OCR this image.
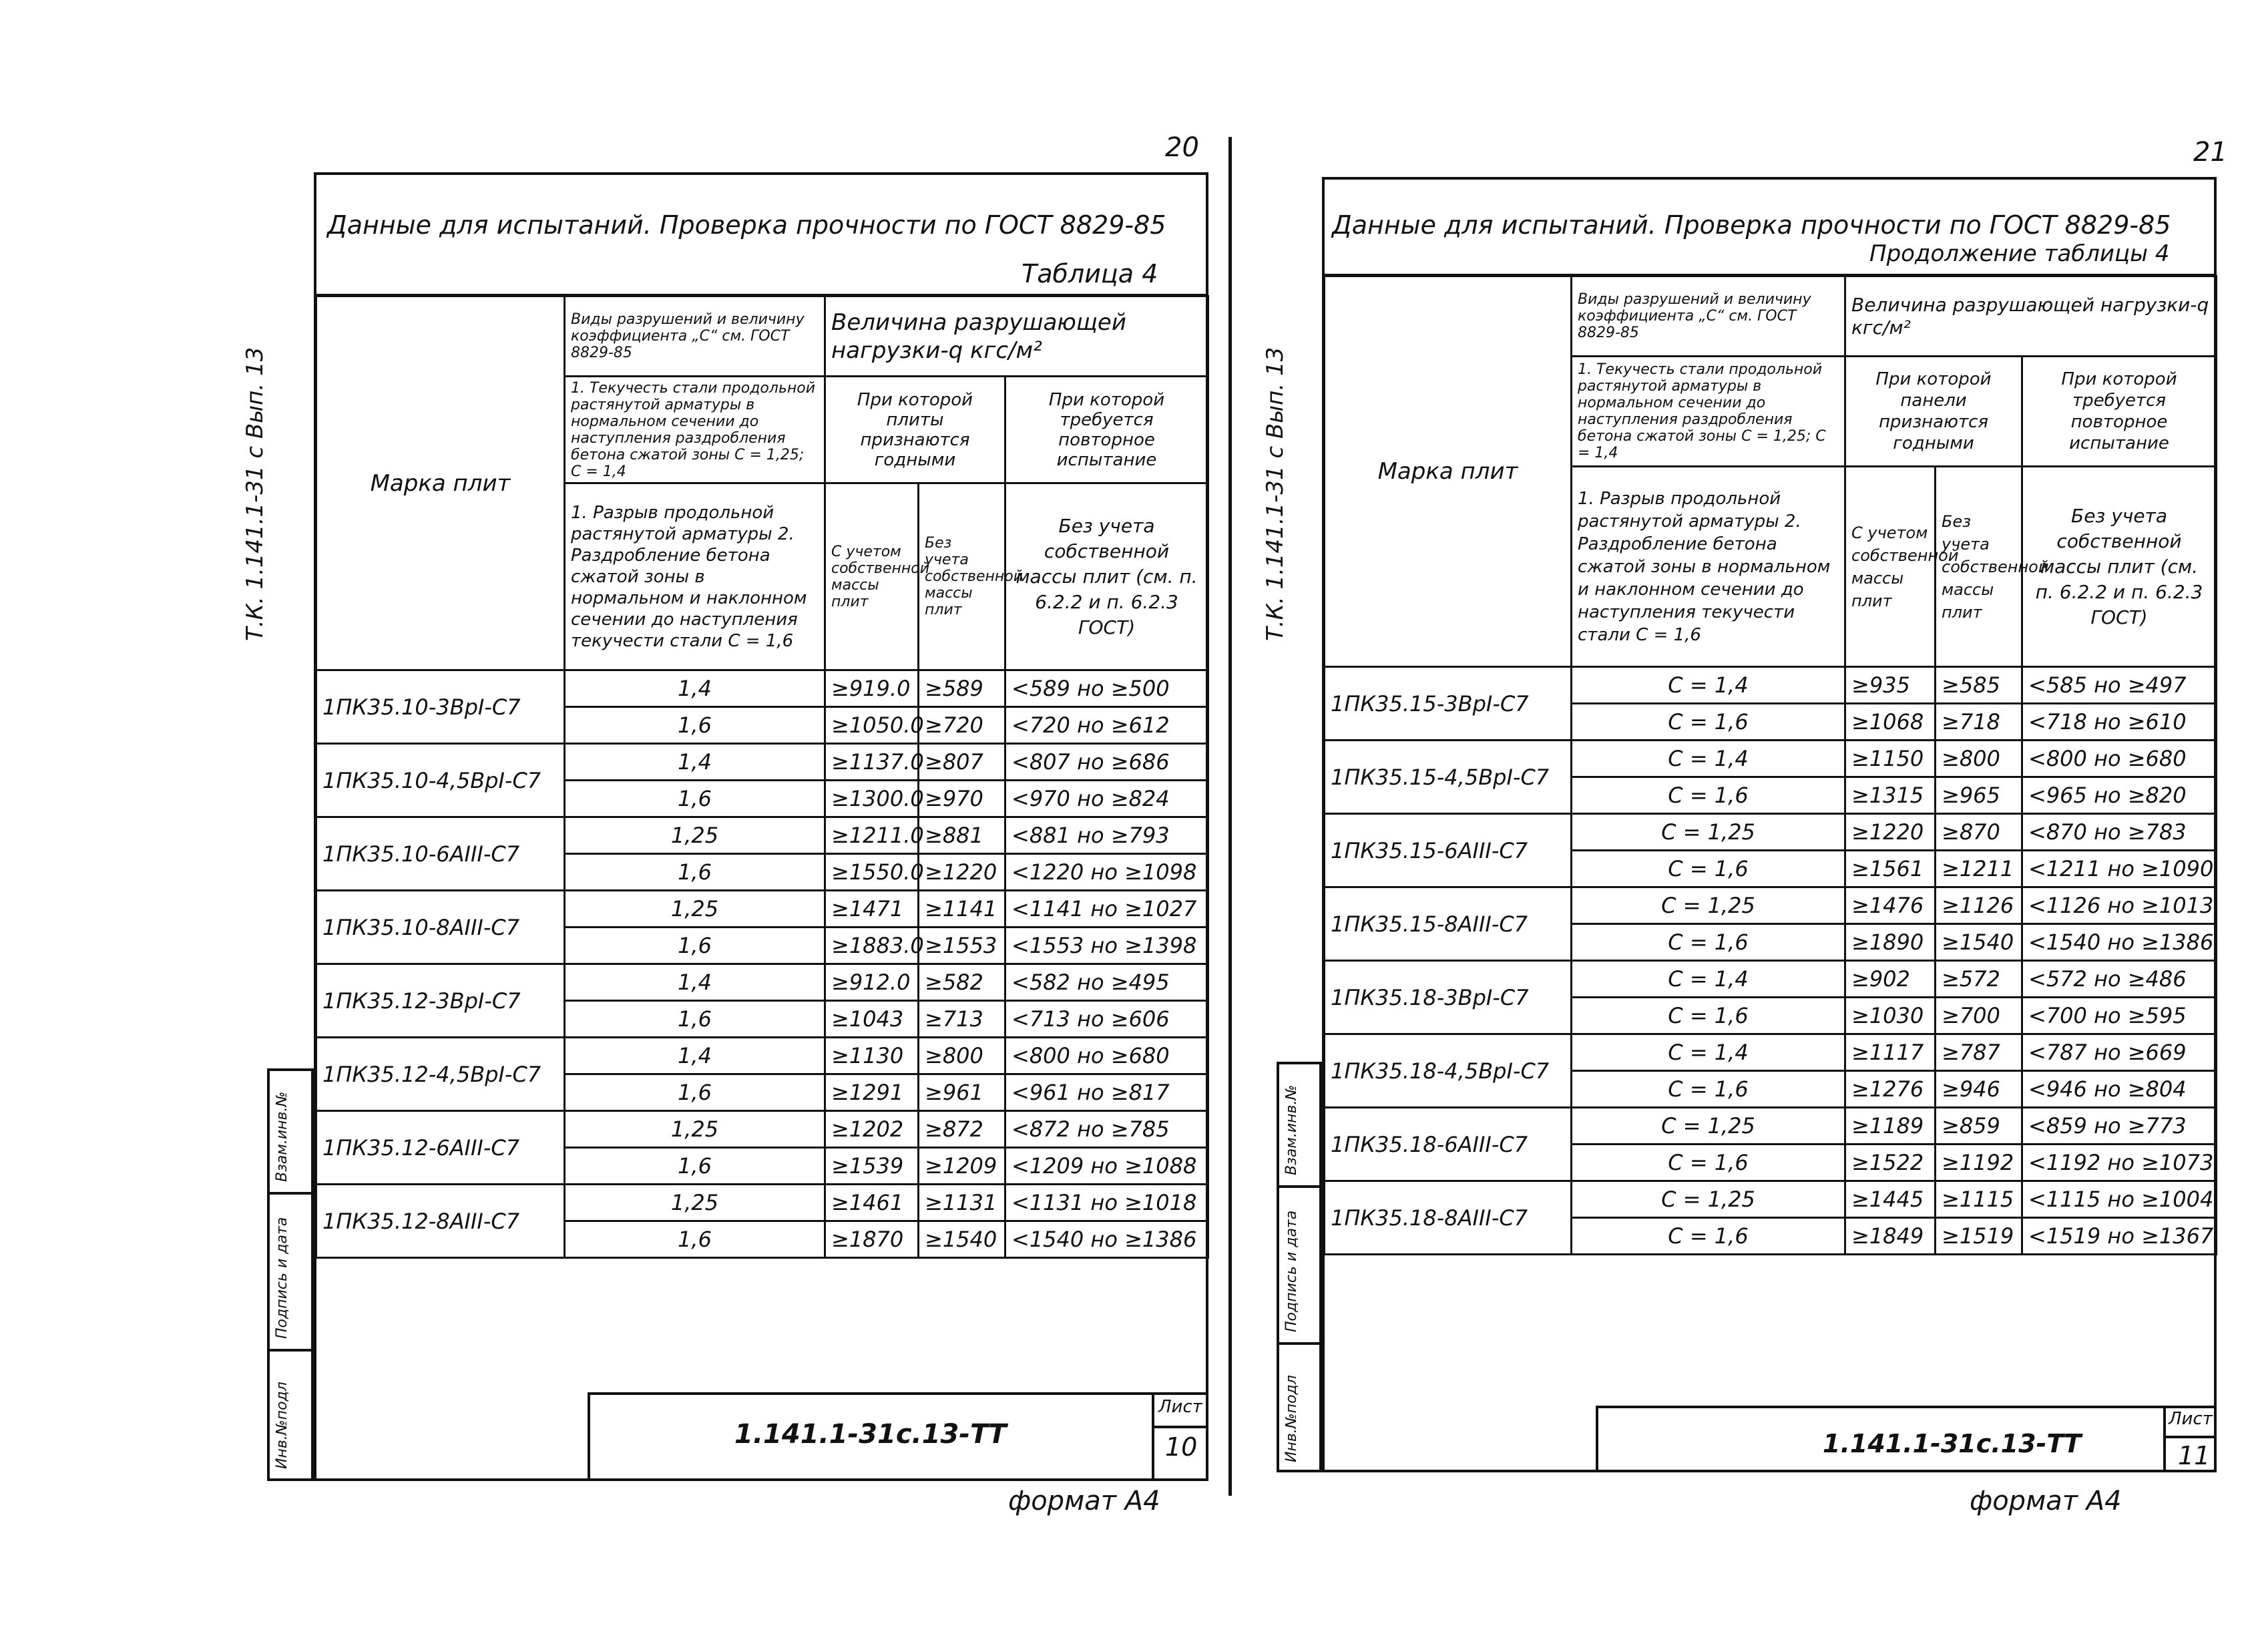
20
Т.К. 1.141.1-31 с Вып. 13
Данные для испытаний. Проверка прочности по ГОСТ 8829-85
Таблица 4
Взам.инв.№
Подпись и дата
Инв.№подл
Марка плит	Виды разрушений и величину коэффициента „C“ см. ГОСТ 8829-85	Величина разрушающей нагрузки-q кгс/м²		
	1. Текучесть стали продольной растянутой арматуры в нормальном сечении до наступления раздробления бетона сжатой зоны С = 1,25; С = 1,4	При которой плиты признаются годными		При которой требуется повторное испытание
	1. Разрыв продольной растянутой арматуры 2. Раздробление бетона сжатой зоны в нормальном и наклонном сечении до наступления текучести стали С = 1,6	С учетом собственной массы плит	Без учета собственной массы плит	Без учета собственной массы плит (см. п. 6.2.2 и п. 6.2.3 ГОСТ)
1ПК35.10-3ВрI-С7	1,4	≥919.0	≥589	<589 но ≥500
	1,6	≥1050.0	≥720	<720 но ≥612
1ПК35.10-4,5ВрI-С7	1,4	≥1137.0	≥807	<807 но ≥686
	1,6	≥1300.0	≥970	<970 но ≥824
1ПК35.10-6АIII-С7	1,25	≥1211.0	≥881	<881 но ≥793
	1,6	≥1550.0	≥1220	<1220 но ≥1098
1ПК35.10-8АIII-С7	1,25	≥1471	≥1141	<1141 но ≥1027
	1,6	≥1883.0	≥1553	<1553 но ≥1398
1ПК35.12-3ВрI-С7	1,4	≥912.0	≥582	<582 но ≥495
	1,6	≥1043	≥713	<713 но ≥606
1ПК35.12-4,5ВрI-С7	1,4	≥1130	≥800	<800 но ≥680
	1,6	≥1291	≥961	<961 но ≥817
1ПК35.12-6АIII-С7	1,25	≥1202	≥872	<872 но ≥785
	1,6	≥1539	≥1209	<1209 но ≥1088
1ПК35.12-8АIII-С7	1,25	≥1461	≥1131	<1131 но ≥1018
	1,6	≥1870	≥1540	<1540 но ≥1386
1.141.1-31с.13-ТТ
Лист
10
формат А4
21
Т.К. 1.141.1-31 с Вып. 13
Данные для испытаний. Проверка прочности по ГОСТ 8829-85
Продолжение таблицы 4
Взам.инв.№
Подпись и дата
Инв.№подл
Марка плит	Виды разрушений и величину коэффициента „C“ см. ГОСТ 8829-85	Величина разрушающей нагрузки-q кгс/м²		
	1. Текучесть стали продольной растянутой арматуры в нормальном сечении до наступления раздробления бетона сжатой зоны С = 1,25; С = 1,4	При которой панели признаются годными		При которой требуется повторное испытание
	1. Разрыв продольной растянутой арматуры 2. Раздробление бетона сжатой зоны в нормальном и наклонном сечении до наступления текучести стали С = 1,6	С учетом собственной массы плит	Без учета собственной массы плит	Без учета собственной массы плит (см. п. 6.2.2 и п. 6.2.3 ГОСТ)
1ПК35.15-3ВрI-С7	С = 1,4	≥935	≥585	<585 но ≥497
	С = 1,6	≥1068	≥718	<718 но ≥610
1ПК35.15-4,5ВрI-С7	С = 1,4	≥1150	≥800	<800 но ≥680
	С = 1,6	≥1315	≥965	<965 но ≥820
1ПК35.15-6АIII-С7	С = 1,25	≥1220	≥870	<870 но ≥783
	С = 1,6	≥1561	≥1211	<1211 но ≥1090
1ПК35.15-8АIII-С7	С = 1,25	≥1476	≥1126	<1126 но ≥1013
	С = 1,6	≥1890	≥1540	<1540 но ≥1386
1ПК35.18-3ВрI-С7	С = 1,4	≥902	≥572	<572 но ≥486
	С = 1,6	≥1030	≥700	<700 но ≥595
1ПК35.18-4,5ВрI-С7	С = 1,4	≥1117	≥787	<787 но ≥669
	С = 1,6	≥1276	≥946	<946 но ≥804
1ПК35.18-6АIII-С7	С = 1,25	≥1189	≥859	<859 но ≥773
	С = 1,6	≥1522	≥1192	<1192 но ≥1073
1ПК35.18-8АIII-С7	С = 1,25	≥1445	≥1115	<1115 но ≥1004
	С = 1,6	≥1849	≥1519	<1519 но ≥1367
1.141.1-31с.13-ТТ
Лист
11
формат А4
